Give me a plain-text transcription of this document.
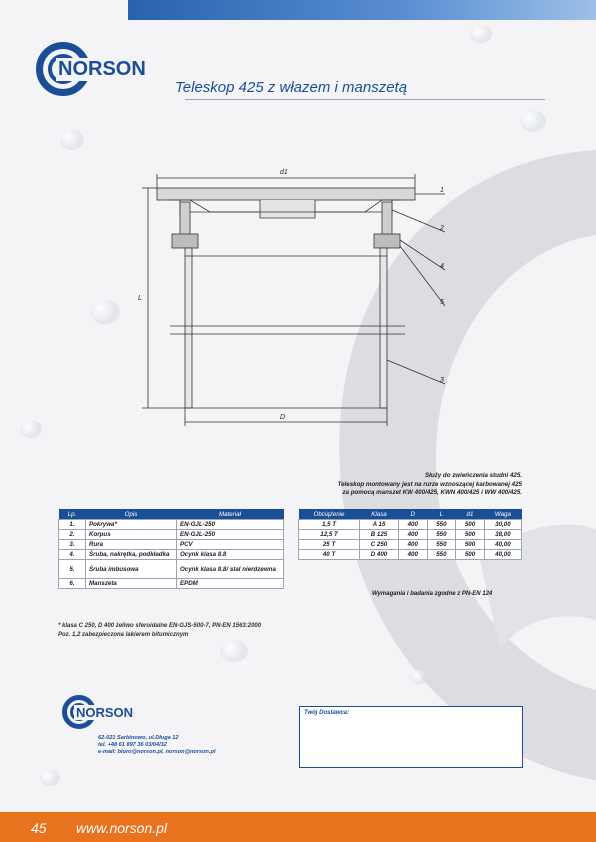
NORSON
Teleskop 425 z włazem i manszetą
d1
D
L
1
2
4
5
3
Służy do zwieńczenia studni 425.
Teleskop montowany jest na rurze wznoszącej karbowanej 425
za pomocą manszet KW 400/425, KWN 400/425 i WW 400/425.
Lp.	Opis	Materiał
1.	Pokrywa*	EN-GJL-250
2.	Korpus	EN-GJL-250
3.	Rura	PCV
4.	Śruba, nakrętka, podkładka	Ocynk klasa 8.8
5.	Śruba imbusowa	Ocynk klasa 8.8/ stal nierdzewna
6.	Manszeta	EPDM
Obciążenie	Klasa	D	L	d1	Waga
1,5 T	A 15	400	550	500	30,00
12,5 T	B 125	400	550	500	38,00
25 T	C 250	400	550	500	40,00
40 T	D 400	400	550	500	40,00
Wymagania i badania zgodne z PN-EN 124
* klasa C 250, D 400 żeliwo sferoidalne EN-GJS-500-7, PN-EN 1563:2000
Poz. 1,2 zabezpieczona lakierem bitumicznym
NORSON
62-021 Sarbinowo, ul.Długa 12
tel. +48 61 897 36 03/04/32
e-mail: biuro@norson.pl, norson@norson.pl
Twój Dostawca:
45 www.norson.pl
